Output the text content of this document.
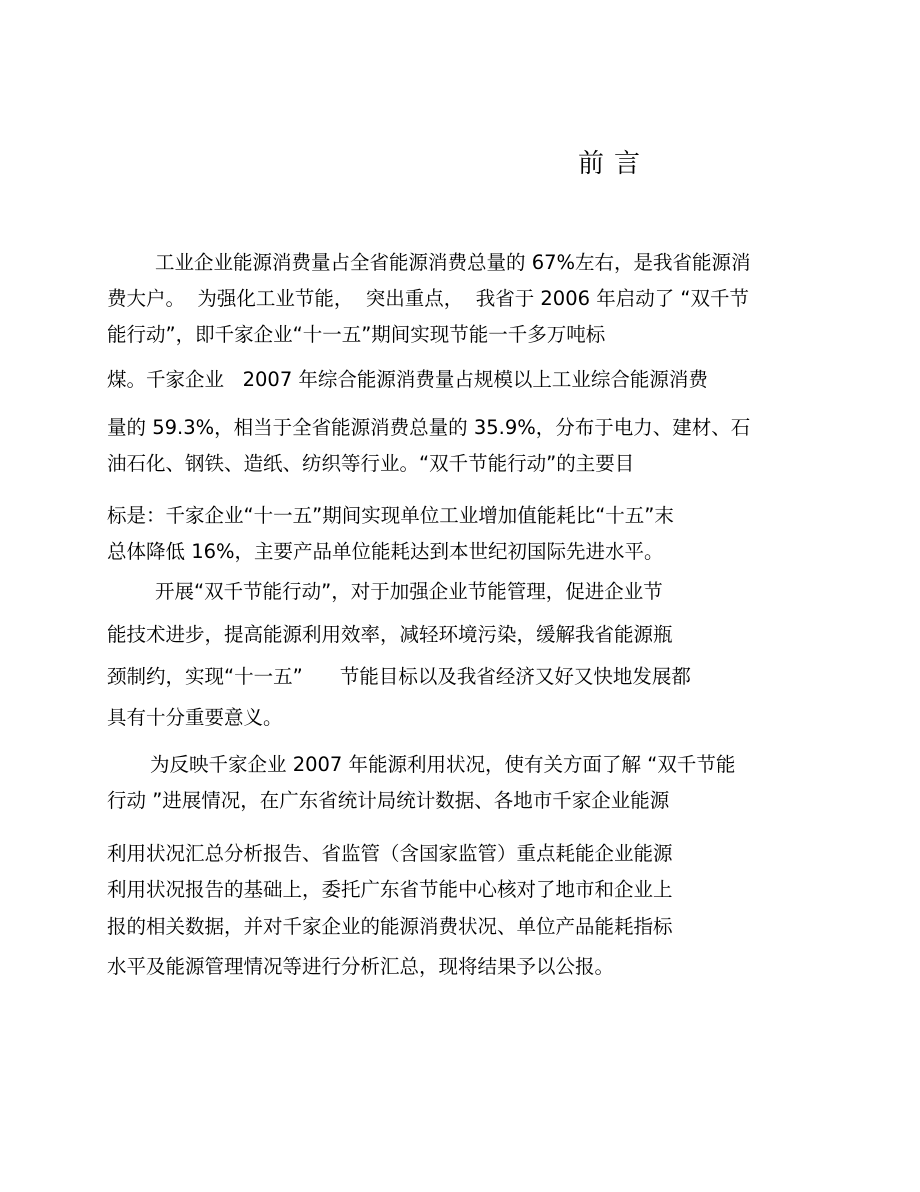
前言
工业企业能源消费量占全省能源消费总量的 67%左右，是我省能源消
费大户。  为强化工业节能，  突出重点，  我省于 2006 年启动了 “双千节
能行动”，即千家企业“十一五”期间实现节能一千多万吨标
煤。千家企业   2007 年综合能源消费量占规模以上工业综合能源消费
量的 59.3%，相当于全省能源消费总量的 35.9%，分布于电力、建材、石
油石化、钢铁、造纸、纺织等行业。“双千节能行动”的主要目
标是：千家企业“十一五”期间实现单位工业增加值能耗比“十五”末
总体降低 16%，主要产品单位能耗达到本世纪初国际先进水平。
开展“双千节能行动”，对于加强企业节能管理，促进企业节
能技术进步，提高能源利用效率，减轻环境污染，缓解我省能源瓶
颈制约，实现“十一五”      节能目标以及我省经济又好又快地发展都
具有十分重要意义。
为反映千家企业 2007 年能源利用状况，使有关方面了解 “双千节能
行动 ”进展情况，在广东省统计局统计数据、各地市千家企业能源
利用状况汇总分析报告、省监管（含国家监管）重点耗能企业能源
利用状况报告的基础上，委托广东省节能中心核对了地市和企业上
报的相关数据，并对千家企业的能源消费状况、单位产品能耗指标
水平及能源管理情况等进行分析汇总，现将结果予以公报。
